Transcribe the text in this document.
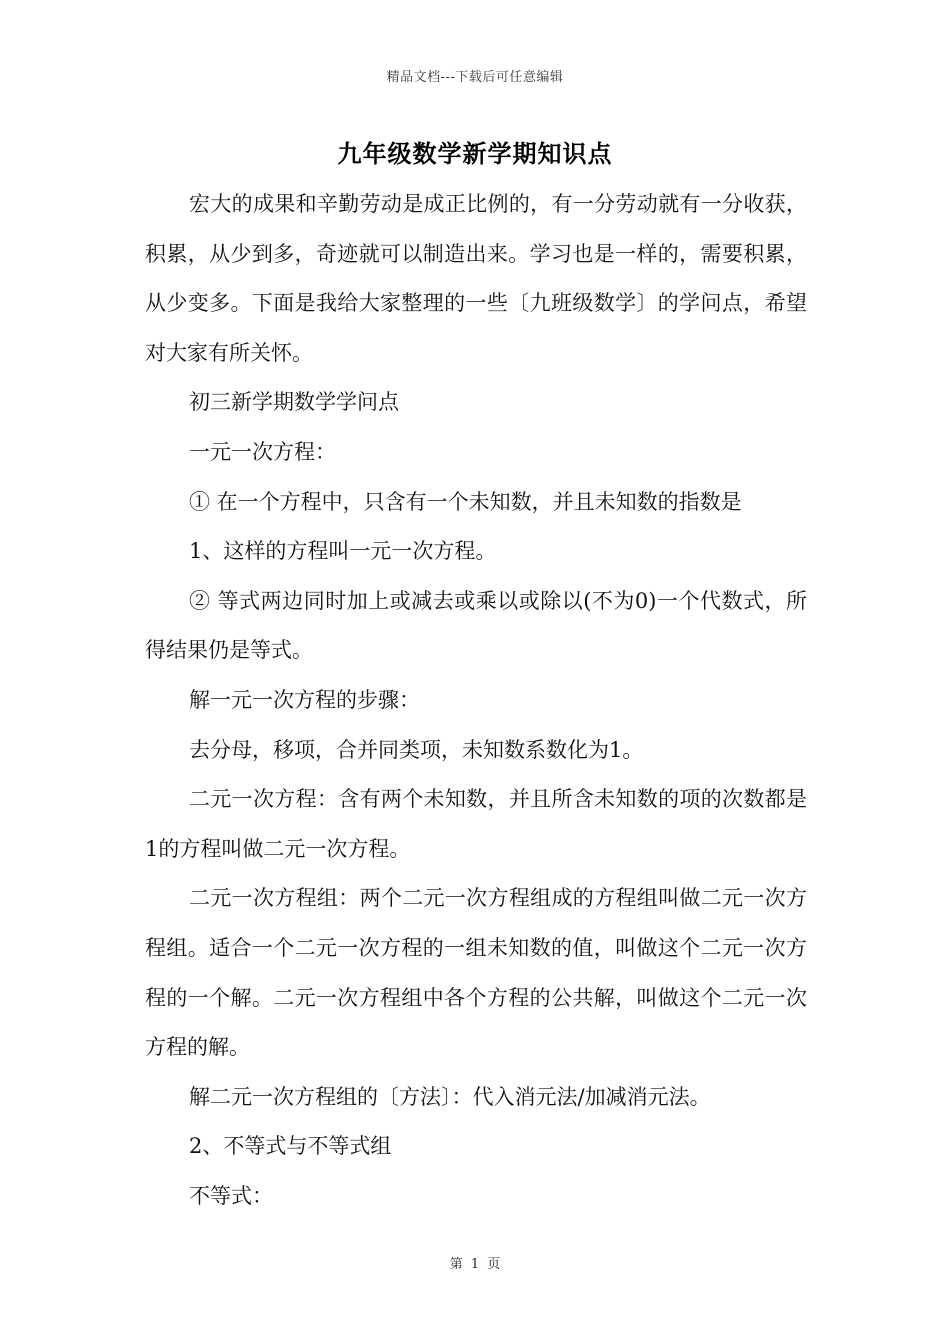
精品文档---下载后可任意编辑
九年级数学新学期知识点

宏大的成果和辛勤劳动是成正比例的，有一分劳动就有一分收获，积累，从少到多，奇迹就可以制造出来。学习也是一样的，需要积累，从少变多。下面是我给大家整理的一些〔九班级数学〕的学问点，希望对大家有所关怀。

初三新学期数学学问点

一元一次方程：

① 在一个方程中，只含有一个未知数，并且未知数的指数是

1、这样的方程叫一元一次方程。

② 等式两边同时加上或减去或乘以或除以(不为0)一个代数式，所得结果仍是等式。

解一元一次方程的步骤：

去分母，移项，合并同类项，未知数系数化为1。

二元一次方程：含有两个未知数，并且所含未知数的项的次数都是1的方程叫做二元一次方程。

二元一次方程组：两个二元一次方程组成的方程组叫做二元一次方程组。适合一个二元一次方程的一组未知数的值，叫做这个二元一次方程的一个解。二元一次方程组中各个方程的公共解，叫做这个二元一次方程的解。

解二元一次方程组的〔方法〕：代入消元法/加减消元法。

2、不等式与不等式组

不等式：

第 1 页
